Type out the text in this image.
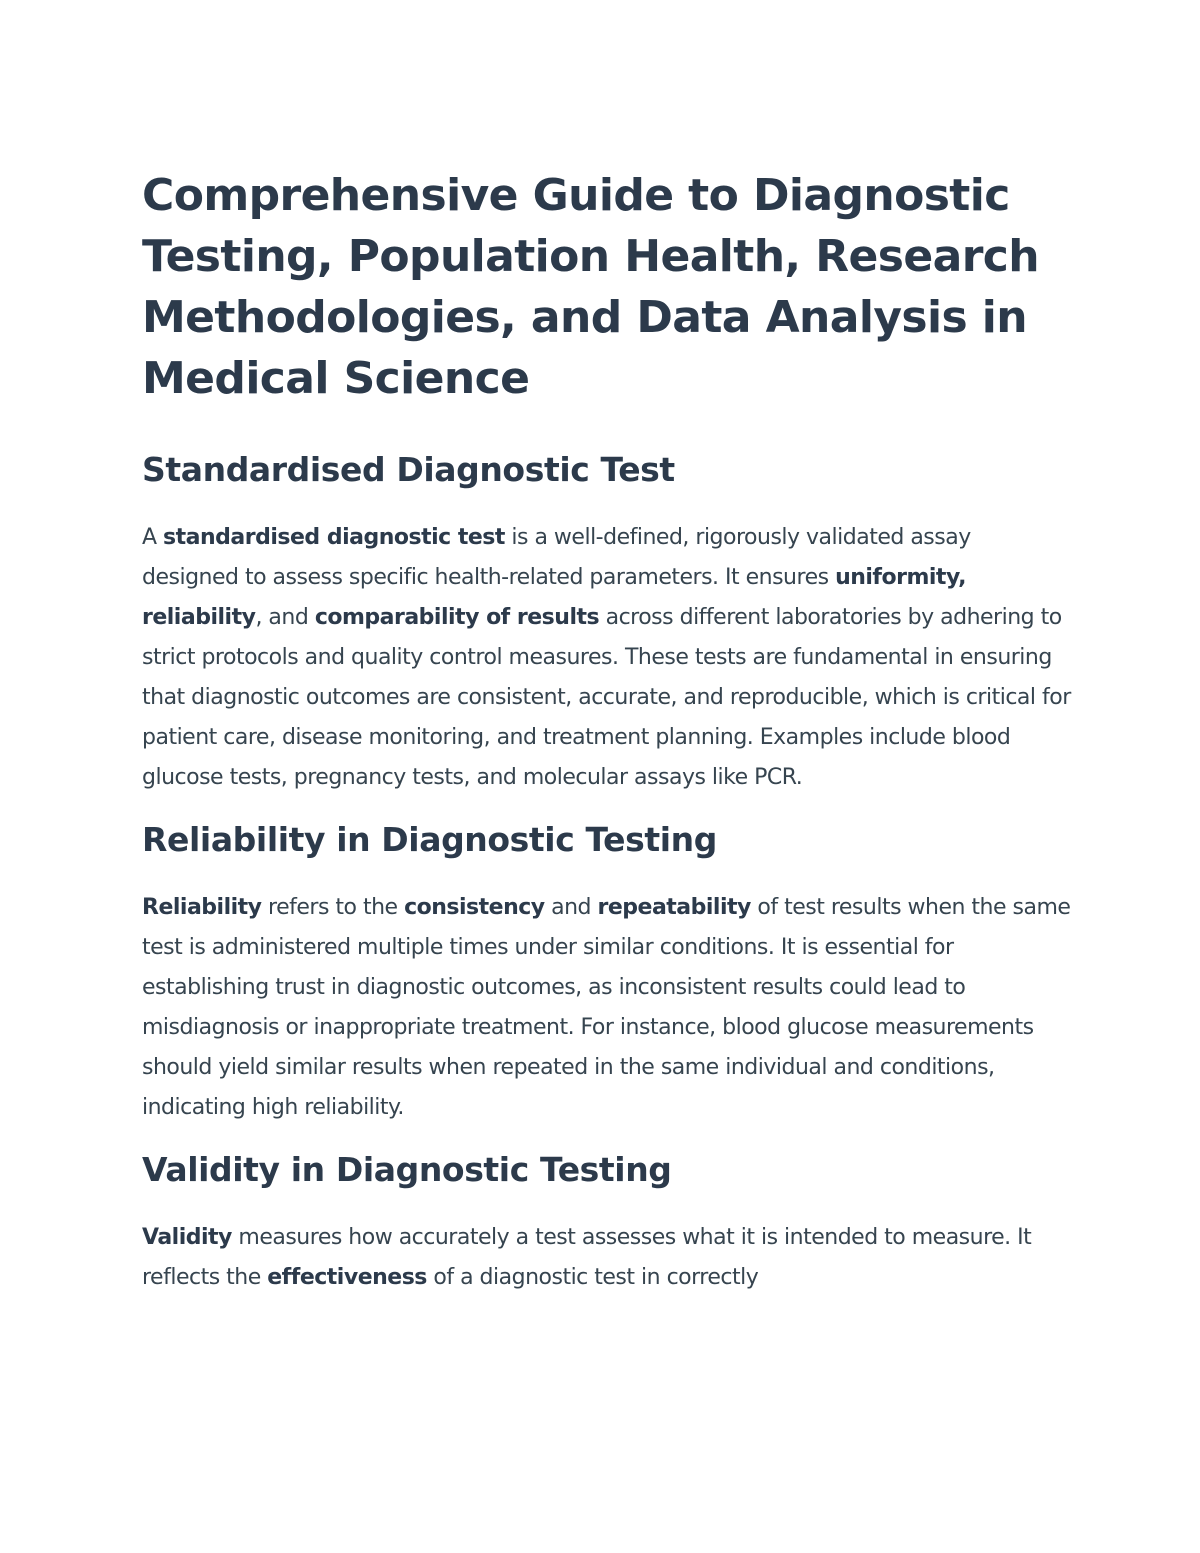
Comprehensive Guide to Diagnostic Testing, Population Health, Research Methodologies, and Data Analysis in Medical Science
Standardised Diagnostic Test

A standardised diagnostic test is a well-defined, rigorously validated assay designed to assess specific health-related parameters. It ensures uniformity, reliability, and comparability of results across different laboratories by adhering to strict protocols and quality control measures. These tests are fundamental in ensuring that diagnostic outcomes are consistent, accurate, and reproducible, which is critical for patient care, disease monitoring, and treatment planning. Examples include blood glucose tests, pregnancy tests, and molecular assays like PCR.

Reliability in Diagnostic Testing

Reliability refers to the consistency and repeatability of test results when the same test is administered multiple times under similar conditions. It is essential for establishing trust in diagnostic outcomes, as inconsistent results could lead to misdiagnosis or inappropriate treatment. For instance, blood glucose measurements should yield similar results when repeated in the same individual and conditions, indicating high reliability.

Validity in Diagnostic Testing

Validity measures how accurately a test assesses what it is intended to measure. It reflects the effectiveness of a diagnostic test in correctly
